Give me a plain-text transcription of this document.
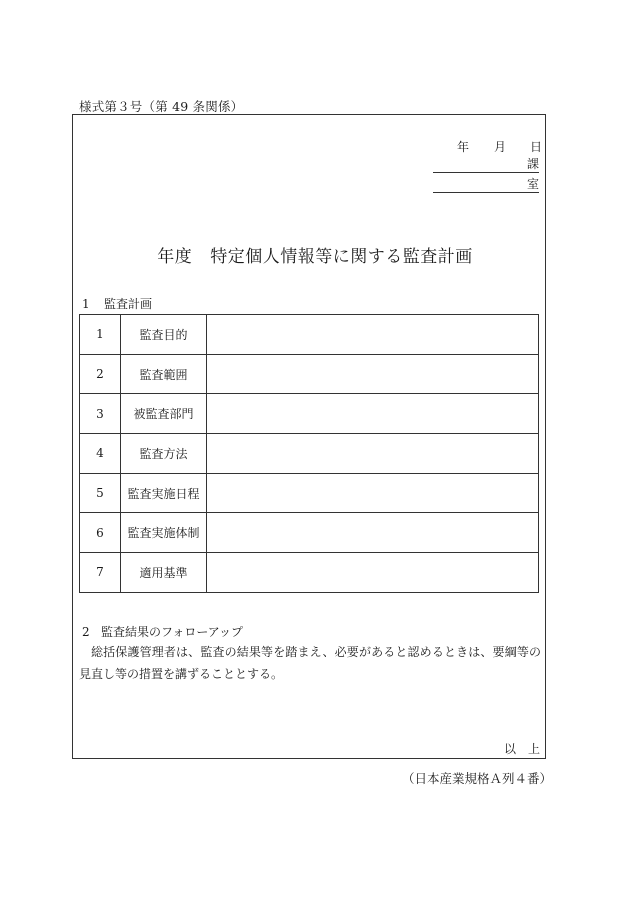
様式第３号（第 49 条関係）
年 月 日
課
室
年度 特定個人情報等に関する監査計画
1 監査計画
1	監査目的	
2	監査範囲	
3	被監査部門	
4	監査方法	
5	監査実施日程	
6	監査実施体制	
7	適用基準	
2 監査結果のフォローアップ
総括保護管理者は、監査の結果等を踏まえ、必要があると認めるときは、要綱等の見直し等の措置を講ずることとする。
以上
（日本産業規格Ａ列４番）
